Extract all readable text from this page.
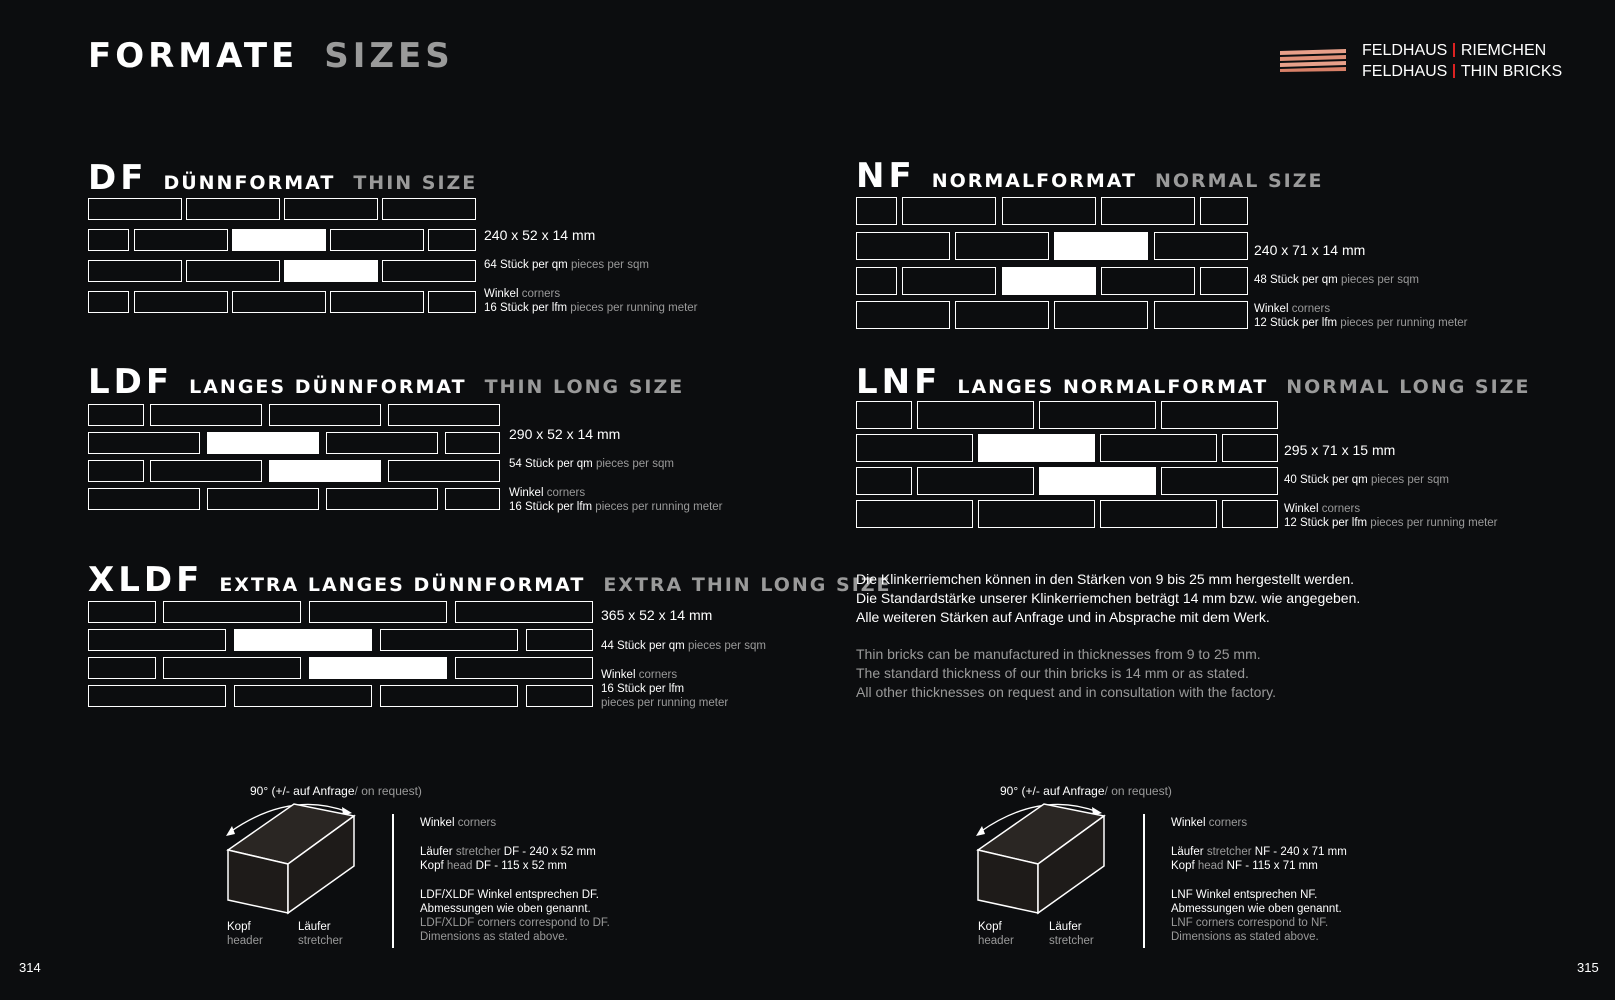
FORMATE SIZES	FELDHAUS RIEMCHEN
FELDHAUS THIN BRICKS
DF DÜNNFORMAT THIN SIZE
240 x 52 x 14 mm
64 Stück per qm pieces per sqm
Winkel corners
16 Stück per lfm pieces per running meter
LDF LANGES DÜNNFORMAT THIN LONG SIZE
290 x 52 x 14 mm
54 Stück per qm pieces per sqm
Winkel corners
16 Stück per lfm pieces per running meter
XLDF EXTRA LANGES DÜNNFORMAT EXTRA THIN LONG SIZE
365 x 52 x 14 mm
44 Stück per qm pieces per sqm
Winkel corners
16 Stück per lfm
pieces per running meter
NF NORMALFORMAT NORMAL SIZE
240 x 71 x 14 mm
48 Stück per qm pieces per sqm
Winkel corners
12 Stück per lfm pieces per running meter
LNF LANGES NORMALFORMAT NORMAL LONG SIZE
295 x 71 x 15 mm
40 Stück per qm pieces per sqm
Winkel corners
12 Stück per lfm pieces per running meter
Die Klinkerriemchen können in den Stärken von 9 bis 25 mm hergestellt werden.
Die Standardstärke unserer Klinkerriemchen beträgt 14 mm bzw. wie angegeben.
Alle weiteren Stärken auf Anfrage und in Absprache mit dem Werk.
Thin bricks can be manufactured in thicknesses from 9 to 25 mm.
The standard thickness of our thin bricks is 14 mm or as stated.
All other thicknesses on request and in consultation with the factory.
90° (+/- auf Anfrage/ on request)
Kopf
header
Läufer
stretcher
Winkel corners
Läufer stretcher DF - 240 x 52 mm
Kopf head DF - 115 x 52 mm
LDF/XLDF Winkel entsprechen DF.
Abmessungen wie oben genannt.
LDF/XLDF corners correspond to DF.
Dimensions as stated above.
90° (+/- auf Anfrage/ on request)
Kopf
header
Läufer
stretcher
Winkel corners
Läufer stretcher NF - 240 x 71 mm
Kopf head NF - 115 x 71 mm
LNF Winkel entsprechen NF.
Abmessungen wie oben genannt.
LNF corners correspond to NF.
Dimensions as stated above.
314	315
